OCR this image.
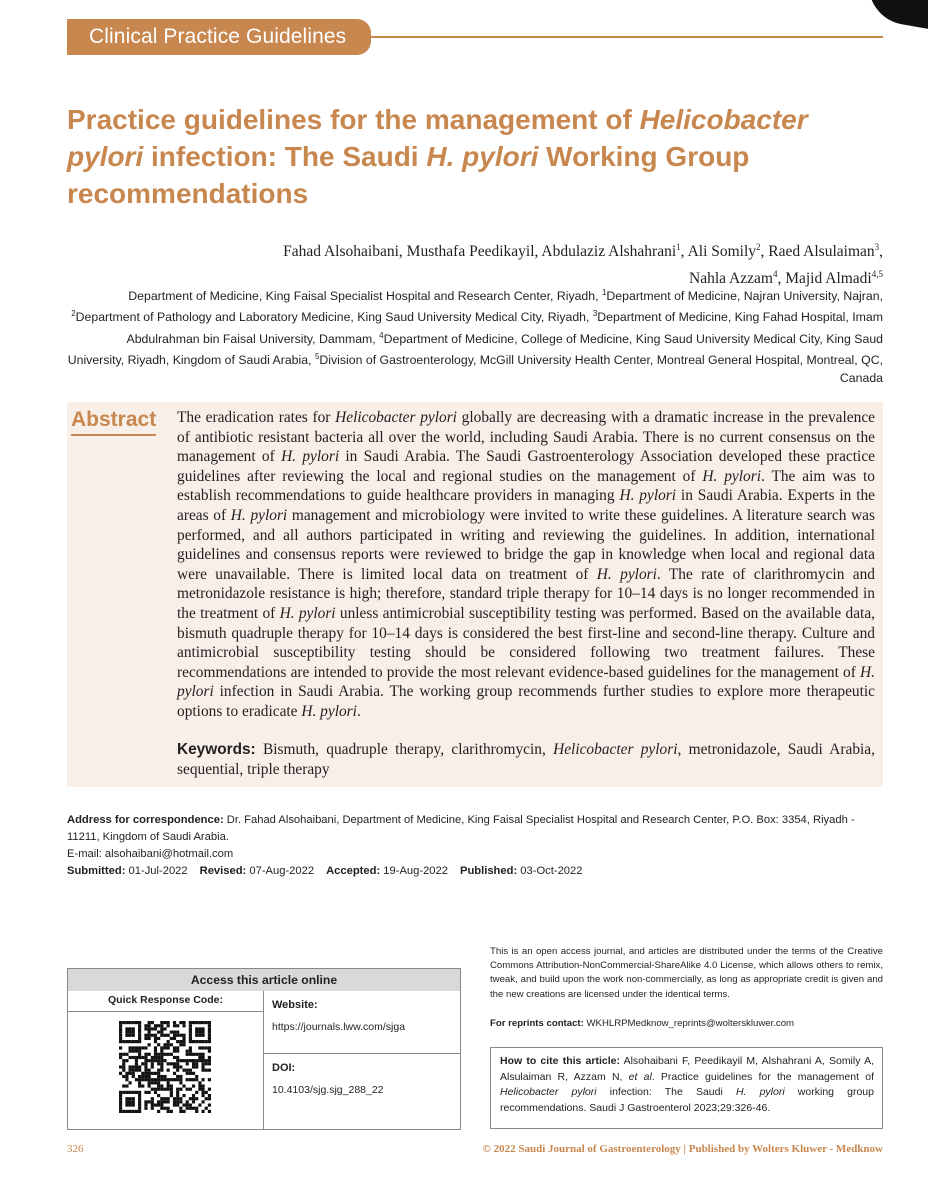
Clinical Practice Guidelines
Practice guidelines for the management of Helicobacter pylori infection: The Saudi H. pylori Working Group recommendations
Fahad Alsohaibani, Musthafa Peedikayil, Abdulaziz Alshahrani$^1$, Ali Somily$^2$, Raed Alsulaiman$^3$,
Nahla Azzam$^4$, Majid Almadi$^{4,5}$
Department of Medicine, King Faisal Specialist Hospital and Research Center, Riyadh, $^1$Department of Medicine, Najran University, Najran, $^2$Department of Pathology and Laboratory Medicine, King Saud University Medical City, Riyadh, $^3$Department of Medicine, King Fahad Hospital, Imam Abdulrahman bin Faisal University, Dammam, $^4$Department of Medicine, College of Medicine, King Saud University Medical City, King Saud University, Riyadh, Kingdom of Saudi Arabia, $^5$Division of Gastroenterology, McGill University Health Center, Montreal General Hospital, Montreal, QC, Canada
Abstract The eradication rates for Helicobacter pylori globally are decreasing with a dramatic increase in the prevalence of antibiotic resistant bacteria all over the world, including Saudi Arabia. There is no current consensus on the management of H. pylori in Saudi Arabia. The Saudi Gastroenterology Association developed these practice guidelines after reviewing the local and regional studies on the management of H. pylori. The aim was to establish recommendations to guide healthcare providers in managing H. pylori in Saudi Arabia. Experts in the areas of H. pylori management and microbiology were invited to write these guidelines. A literature search was performed, and all authors participated in writing and reviewing the guidelines. In addition, international guidelines and consensus reports were reviewed to bridge the gap in knowledge when local and regional data were unavailable. There is limited local data on treatment of H. pylori. The rate of clarithromycin and metronidazole resistance is high; therefore, standard triple therapy for 10–14 days is no longer recommended in the treatment of H. pylori unless antimicrobial susceptibility testing was performed. Based on the available data, bismuth quadruple therapy for 10–14 days is considered the best first-line and second-line therapy. Culture and antimicrobial susceptibility testing should be considered following two treatment failures. These recommendations are intended to provide the most relevant evidence-based guidelines for the management of H. pylori infection in Saudi Arabia. The working group recommends further studies to explore more therapeutic options to eradicate H. pylori.

Keywords: Bismuth, quadruple therapy, clarithromycin, Helicobacter pylori, metronidazole, Saudi Arabia, sequential, triple therapy

Address for correspondence: Dr. Fahad Alsohaibani, Department of Medicine, King Faisal Specialist Hospital and Research Center, P.O. Box: 3354, Riyadh - 11211, Kingdom of Saudi Arabia.
E-mail: alsohaibani@hotmail.com
Submitted: 01-Jul-2022 Revised: 07-Aug-2022 Accepted: 19-Aug-2022 Published: 03-Oct-2022
Access this article online
Quick Response Code:	Website:
https://journals.lww.com/sjga
DOI:
10.4103/sjg.sjg_288_22

This is an open access journal, and articles are distributed under the terms of the Creative Commons Attribution-NonCommercial-ShareAlike 4.0 License, which allows others to remix, tweak, and build upon the work non-commercially, as long as appropriate credit is given and the new creations are licensed under the identical terms.

For reprints contact: WKHLRPMedknow_reprints@wolterskluwer.com

How to cite this article: Alsohaibani F, Peedikayil M, Alshahrani A, Somily A, Alsulaiman R, Azzam N, et al. Practice guidelines for the management of Helicobacter pylori infection: The Saudi H. pylori working group recommendations. Saudi J Gastroenterol 2023;29:326-46.

326	© 2022 Saudi Journal of Gastroenterology | Published by Wolters Kluwer - Medknow
